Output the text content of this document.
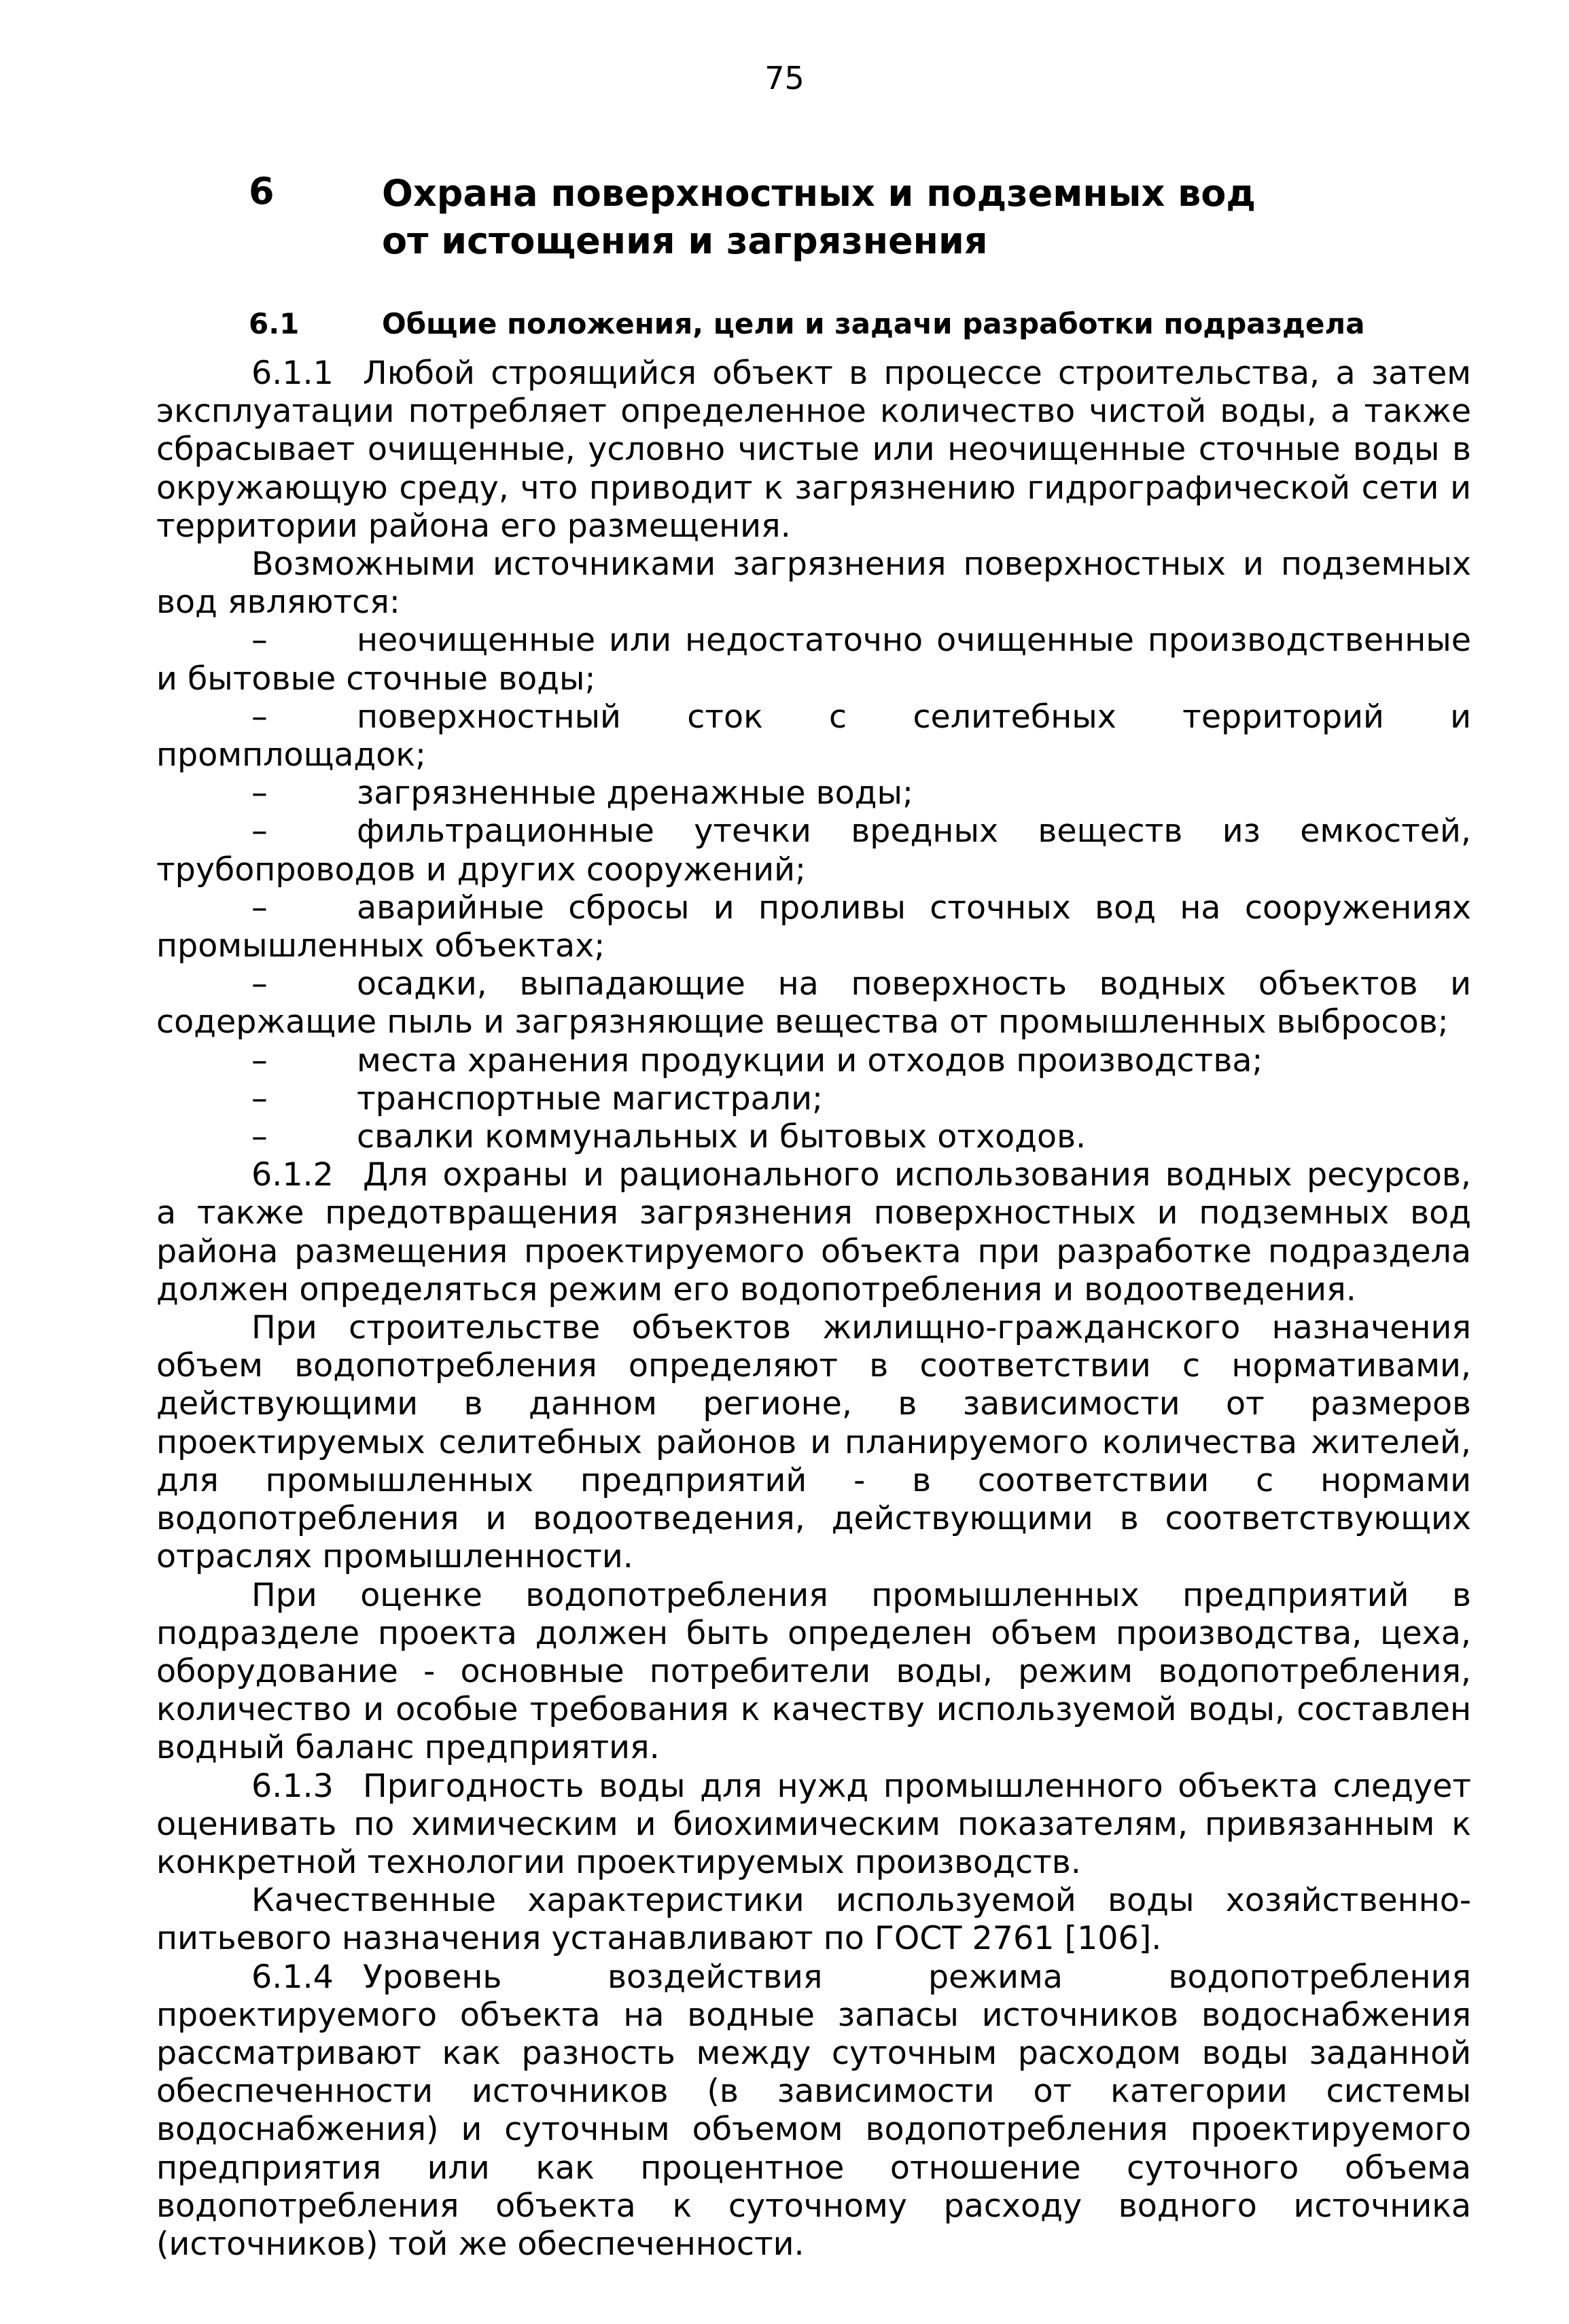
75
6	Охрана поверхностных и подземных вод
от истощения и загрязнения
6.1	Общие положения, цели и задачи разработки подраздела

6.1.1 Любой строящийся объект в процессе строительства, а затем эксплуатации потребляет определенное количество чистой воды, а также сбрасывает очищенные, условно чистые или неочищенные сточные воды в окружающую среду, что приводит к загрязнению гидрографической сети и территории района его размещения.

Возможными источниками загрязнения поверхностных и подземных вод являются:

–	неочищенные или недостаточно очищенные производственные и бытовые сточные воды;

–	поверхностный сток с селитебных территорий и промплощадок;

–	загрязненные дренажные воды;

–	фильтрационные утечки вредных веществ из емкостей, трубопроводов и других сооружений;

–	аварийные сбросы и проливы сточных вод на сооружениях промышленных объектах;

–	осадки, выпадающие на поверхность водных объектов и содержащие пыль и загрязняющие вещества от промышленных выбросов;

–	места хранения продукции и отходов производства;

–	транспортные магистрали;

–	свалки коммунальных и бытовых отходов.

6.1.2 Для охраны и рационального использования водных ресурсов, а также предотвращения загрязнения поверхностных и подземных вод района размещения проектируемого объекта при разработке подраздела должен определяться режим его водопотребления и водоотведения.

При строительстве объектов жилищно-гражданского назначения объем водопотребления определяют в соответствии с нормативами, действующими в данном регионе, в зависимости от размеров проектируемых селитебных районов и планируемого количества жителей, для промышленных предприятий - в соответствии с нормами водопотребления и водоотведения, действующими в соответствующих отраслях промышленности.

При оценке водопотребления промышленных предприятий в подразделе проекта должен быть определен объем производства, цеха, оборудование - основные потребители воды, режим водопотребления, количество и особые требования к качеству используемой воды, составлен водный баланс предприятия.

6.1.3 Пригодность воды для нужд промышленного объекта следует оценивать по химическим и биохимическим показателям, привязанным к конкретной технологии проектируемых производств.

Качественные характеристики используемой воды хозяйственно-питьевого назначения устанавливают по ГОСТ 2761 [106].

6.1.4 Уровень воздействия режима водопотребления проектируемого объекта на водные запасы источников водоснабжения рассматривают как разность между суточным расходом воды заданной обеспеченности источников (в зависимости от категории системы водоснабжения) и суточным объемом водопотребления проектируемого предприятия или как процентное отношение суточного объема водопотребления объекта к суточному расходу водного источника (источников) той же обеспеченности.
